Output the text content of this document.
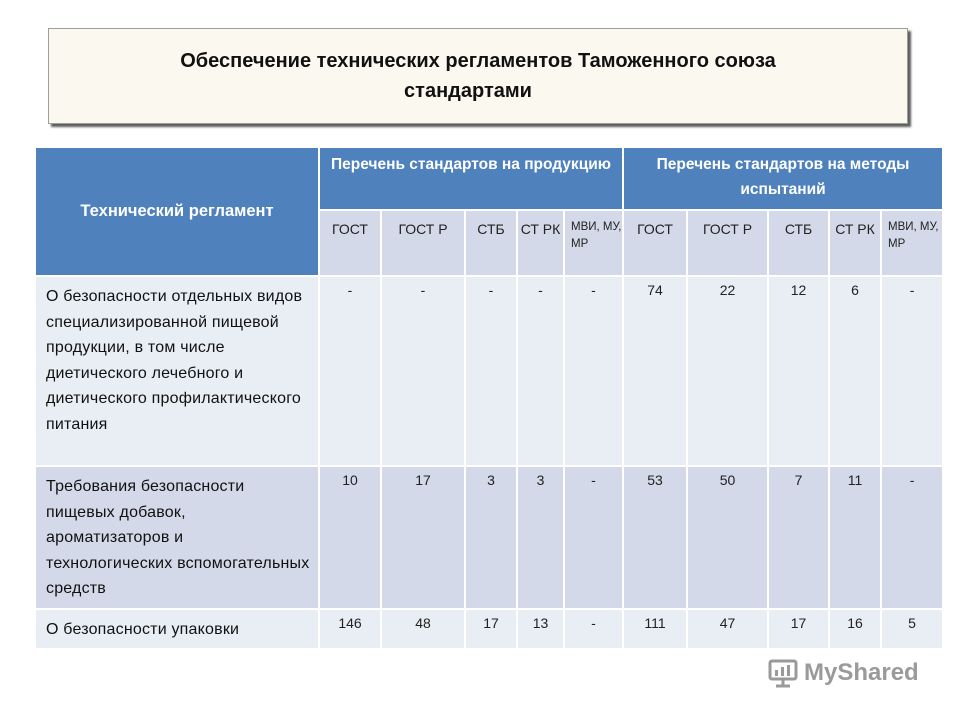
Обеспечение технических регламентов Таможенного союза
стандартами
Технический регламент	Перечень стандартов на продукцию					Перечень стандартов на методы испытаний				
	ГОСТ	ГОСТ Р	СТБ	СТ РК	МВИ, МУ, МР	ГОСТ	ГОСТ Р	СТБ	СТ РК	МВИ, МУ, МР
О безопасности отдельных видов специализированной пищевой продукции, в том числе диетического лечебного и диетического профилактического питания	-	-	-	-	-	74	22	12	6	-
Требования безопасности пищевых добавок, ароматизаторов и технологических вспомогательных средств	10	17	3	3	-	53	50	7	11	-
О безопасности упаковки	146	48	17	13	-	111	47	17	16	5
MyShared
